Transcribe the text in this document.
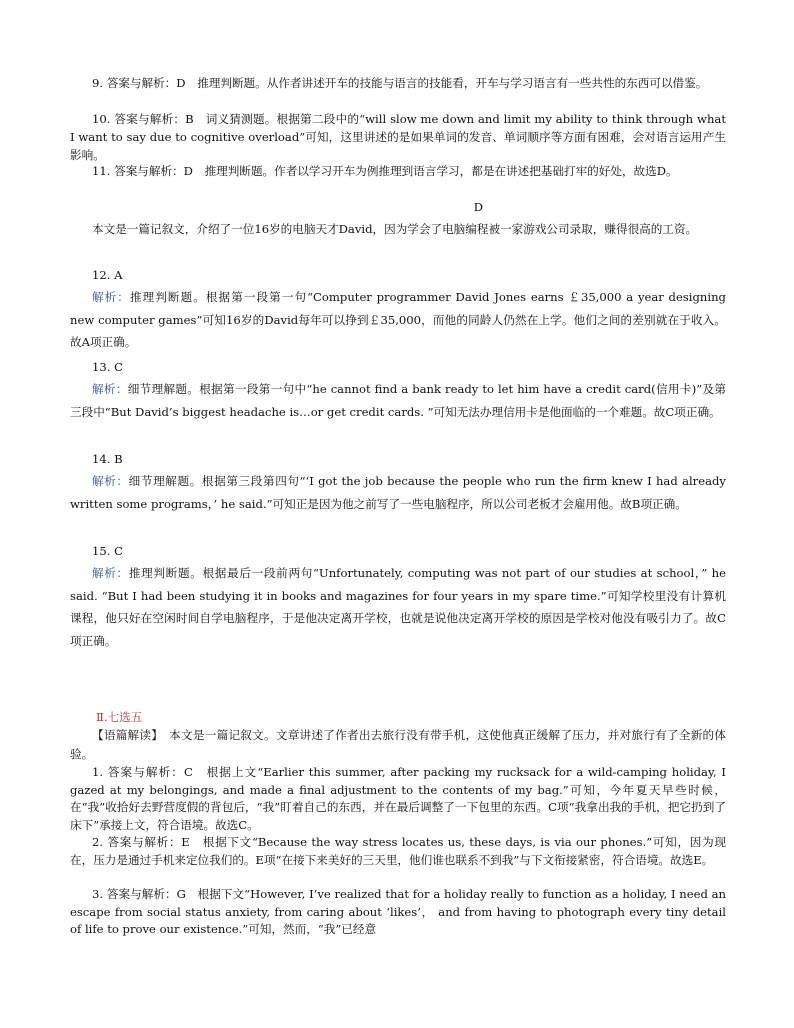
9. 答案与解析：D　推理判断题。从作者讲述开车的技能与语言的技能看，开车与学习语言有一些共性的东西可以借鉴。

10. 答案与解析：B　词义猜测题。根据第二段中的“will slow me down and limit my ability to think through what I want to say due to cognitive overload”可知，这里讲述的是如果单词的发音、单词顺序等方面有困难，会对语言运用产生影响。

11. 答案与解析：D　推理判断题。作者以学习开车为例推理到语言学习，都是在讲述把基础打牢的好处，故选D。

D

本文是一篇记叙文，介绍了一位16岁的电脑天才David，因为学会了电脑编程被一家游戏公司录取，赚得很高的工资。

12. A

解析：推理判断题。根据第一段第一句“Computer programmer David Jones earns ￡35,000 a year designing new computer games”可知16岁的David每年可以挣到￡35,000，而他的同龄人仍然在上学。他们之间的差别就在于收入。故A项正确。

13. C

解析：细节理解题。根据第一段第一句中“he cannot find a bank ready to let him have a credit card(信用卡)”及第三段中“But David’s biggest headache is…or get credit cards. ”可知无法办理信用卡是他面临的一个难题。故C项正确。

14. B

解析：细节理解题。根据第三段第四句“‘I got the job because the people who run the firm knew I had already written some programs，’ he said.”可知正是因为他之前写了一些电脑程序，所以公司老板才会雇用他。故B项正确。

15. C

解析：推理判断题。根据最后一段前两句“Unfortunately, computing was not part of our studies at school，” he said. “But I had been studying it in books and magazines for four years in my spare time.”可知学校里没有计算机课程，他只好在空闲时间自学电脑程序，于是他决定离开学校，也就是说他决定离开学校的原因是学校对他没有吸引力了。故C项正确。

Ⅱ.七选五

【语篇解读】　本文是一篇记叙文。文章讲述了作者出去旅行没有带手机，这使他真正缓解了压力，并对旅行有了全新的体验。

1. 答案与解析：C　根据上文“Earlier this summer, after packing my rucksack for a wild-camping holiday, I gazed at my belongings, and made a final adjustment to the contents of my bag.”可知，今年夏天早些时候，在“我”收拾好去野营度假的背包后，“我”盯着自己的东西，并在最后调整了一下包里的东西。C项“我拿出我的手机，把它扔到了床下”承接上文，符合语境。故选C。

2. 答案与解析：E　根据下文“Because the way stress locates us, these days, is via our phones.”可知，因为现在，压力是通过手机来定位我们的。E项“在接下来美好的三天里，他们谁也联系不到我”与下文衔接紧密，符合语境。故选E。

3. 答案与解析：G　根据下文“However, I’ve realized that for a holiday really to function as a holiday, I need an escape from social status anxiety, from caring about ‘likes’， and from having to photograph every tiny detail of life to prove our existence.”可知，然而，“我”已经意
